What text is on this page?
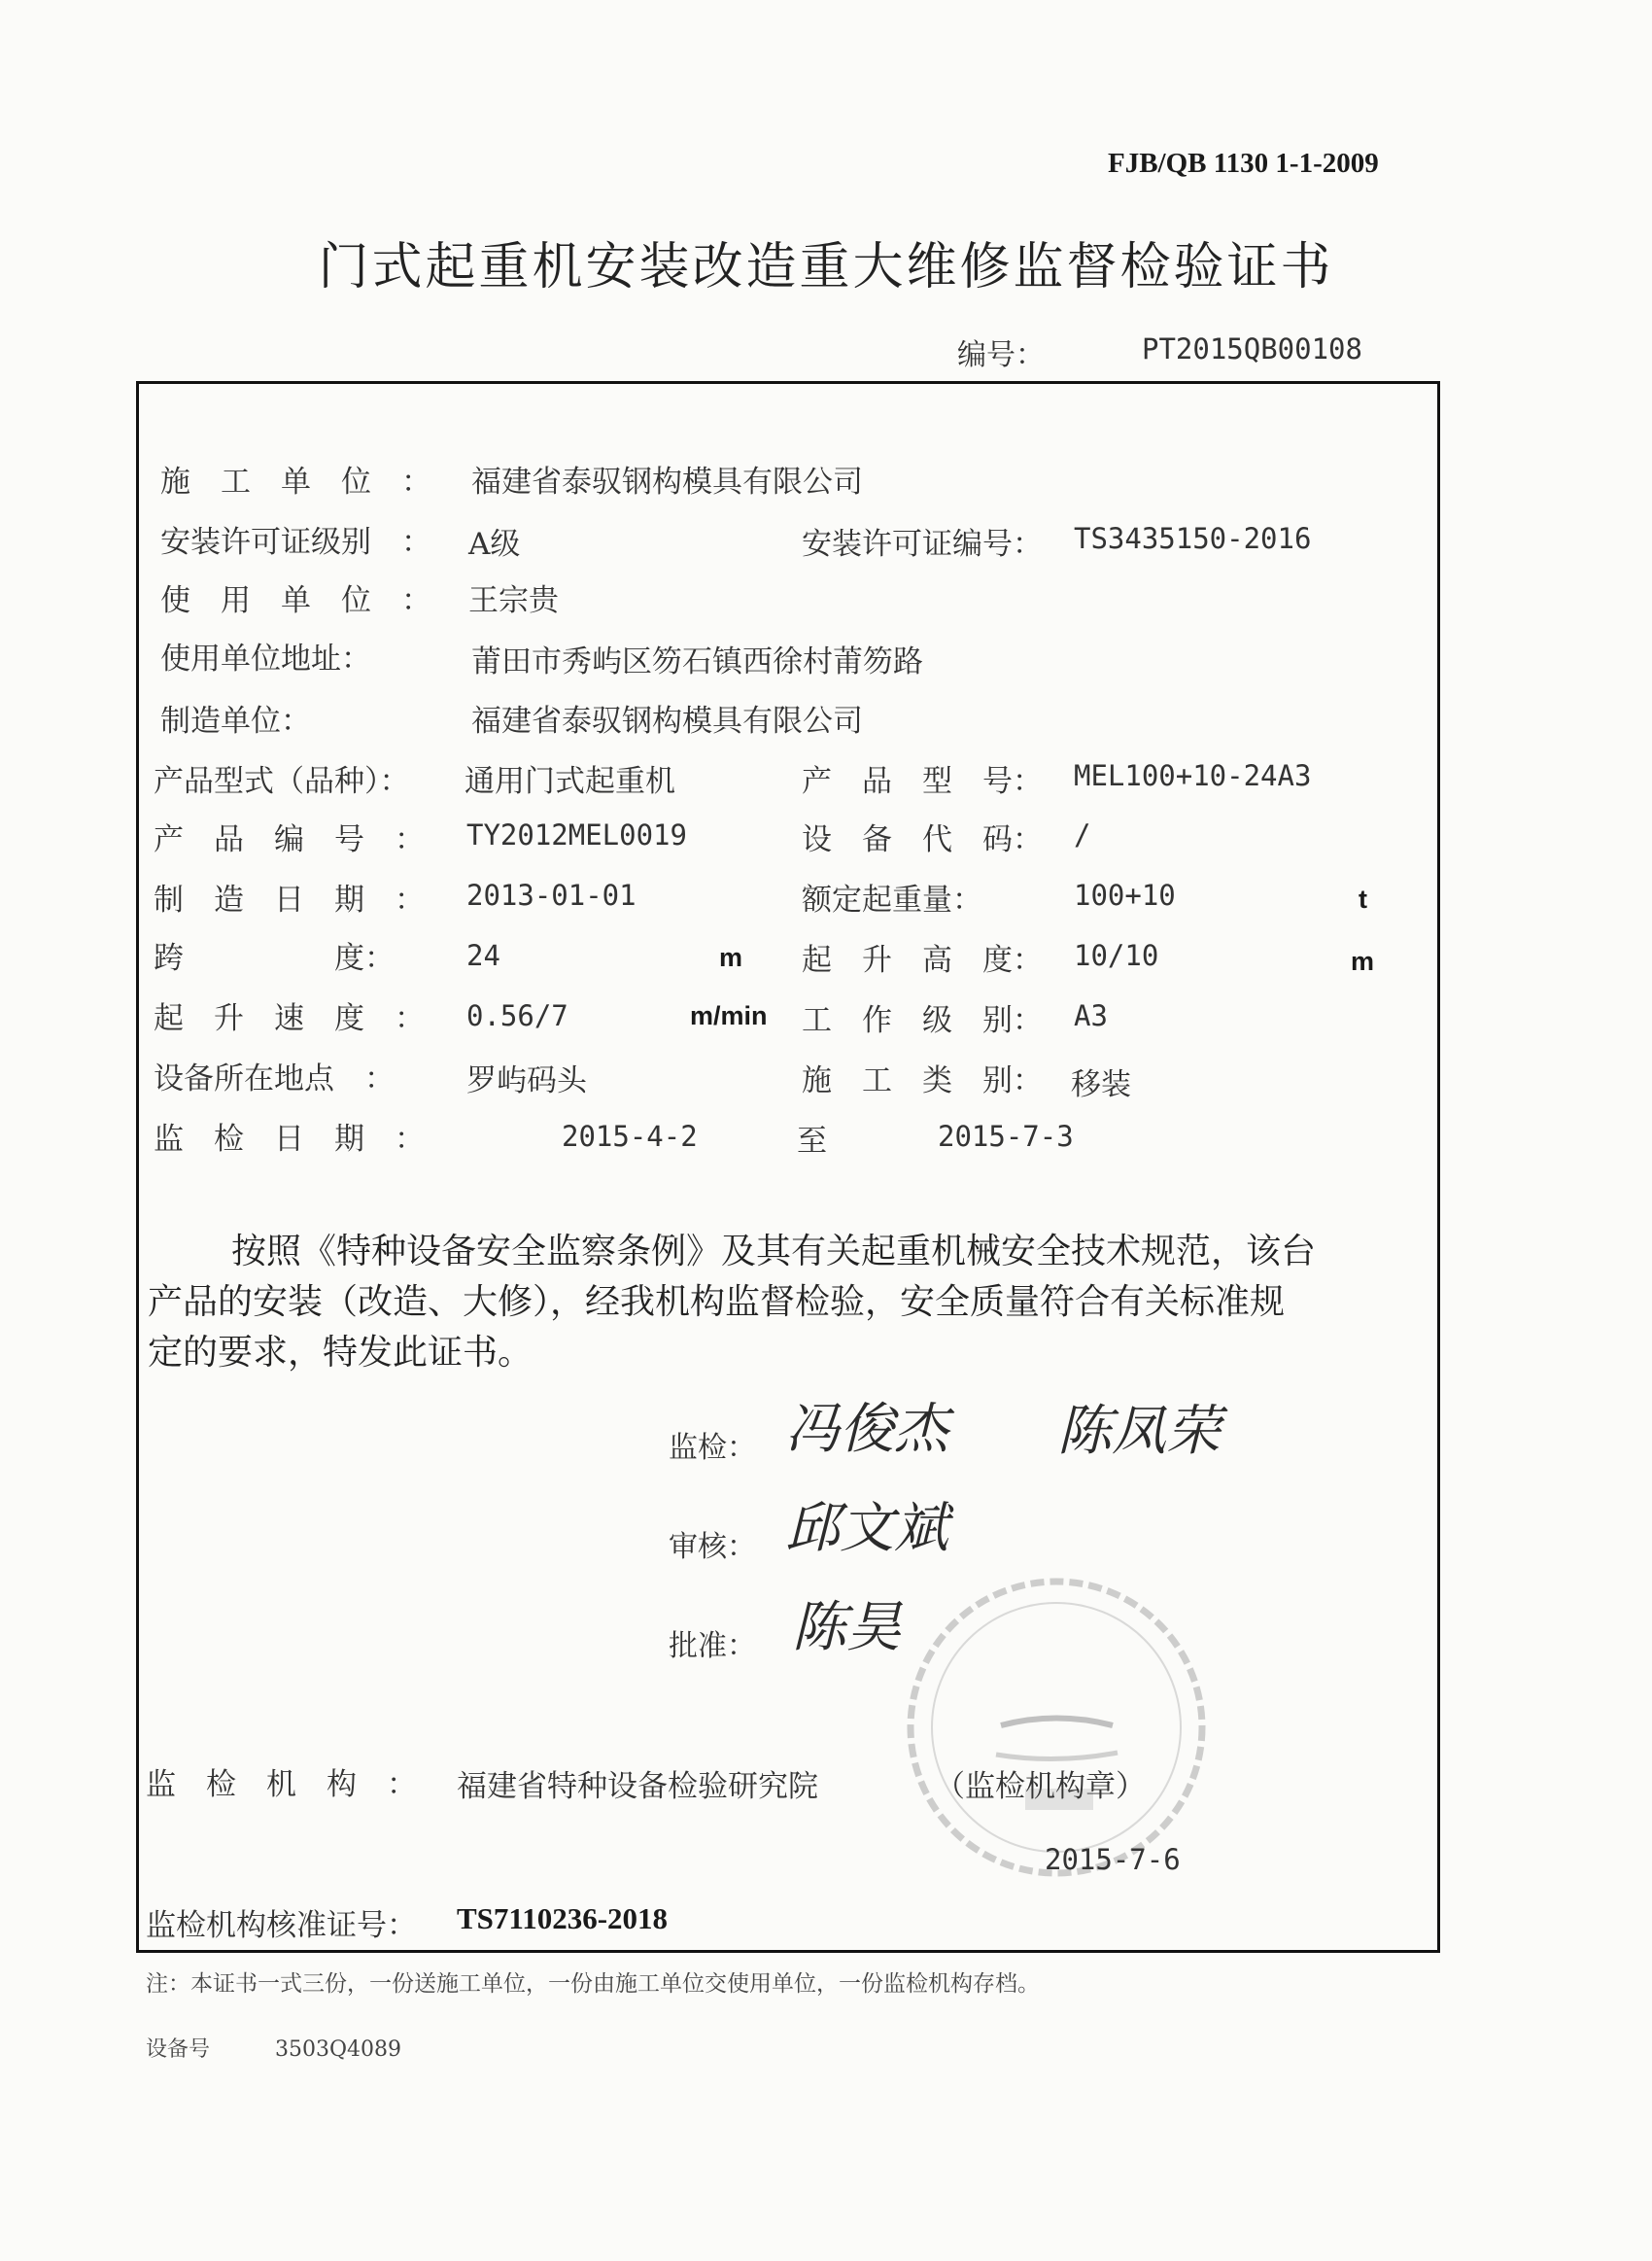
FJB/QB 1130 1-1-2009
门式起重机安装改造重大维修监督检验证书
编号：	PT2015QB00108
施　工　单　位　： 福建省泰驭钢构模具有限公司
安装许可证级别　： A级	安装许可证编号： TS3435150-2016
使　用　单　位　： 王宗贵
使用单位地址：	莆田市秀屿区笏石镇西徐村莆笏路
制造单位：	福建省泰驭钢构模具有限公司
产品型式（品种）： 通用门式起重机	产　品　型　号： MEL100+10-24A3
产　品　编　号　： TY2012MEL0019	设　备　代　码： /
制　造　日　期　： 2013-01-01	额定起重量：	100+10	t
跨　　　　　度：	24	m 起　升　高　度： 10/10	m
起　升　速　度　： 0.56/7	m/min 工　作　级　别： A3
设备所在地点　： 罗屿码头	施　工　类　别： 移装
监　检　日　期　：	2015-4-2	至	2015-7-3

按照《特种设备安全监察条例》及其有关起重机械安全技术规范，该台

产品的安装（改造、大修），经我机构监督检验，安全质量符合有关标准规

定的要求，特发此证书。

监检： 冯俊杰 陈凤荣
审核： 邱文斌
批准： 陈昊
监　检　机　构　： 福建省特种设备检验研究院	（监检机构章）
2015-7-6
监检机构核准证号： TS7110236-2018
注：本证书一式三份，一份送施工单位，一份由施工单位交使用单位，一份监检机构存档。
设备号	3503Q4089
